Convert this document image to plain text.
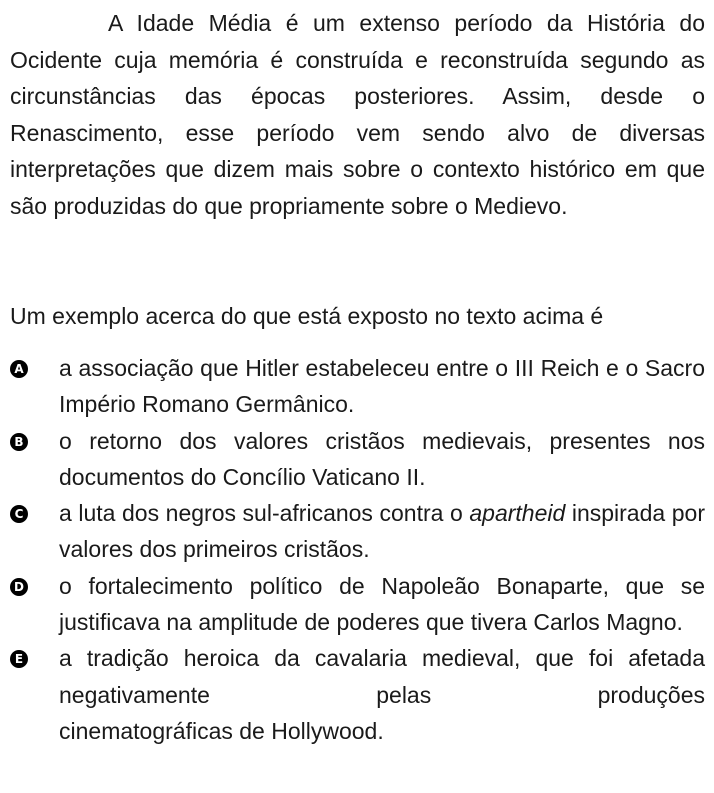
A Idade Média é um extenso período da História do Ocidente cuja memória é construída e reconstruída segundo as circunstâncias das épocas posteriores. Assim, desde o Renascimento, esse período vem sendo alvo de diversas interpretações que dizem mais sobre o contexto histórico em que são produzidas do que propriamente sobre o Medievo.

Um exemplo acerca do que está exposto no texto acima é

A a associação que Hitler estabeleceu entre o III Reich e o Sacro Império Romano Germânico.
B o retorno dos valores cristãos medievais, presentes nos documentos do Concílio Vaticano II.
C a luta dos negros sul-africanos contra o apartheid inspirada por valores dos primeiros cristãos.
D o fortalecimento político de Napoleão Bonaparte, que se justificava na amplitude de poderes que tivera Carlos Magno.
E a tradição heroica da cavalaria medieval, que foi afetada negativamente pelas produções
cinematográficas de Hollywood.
